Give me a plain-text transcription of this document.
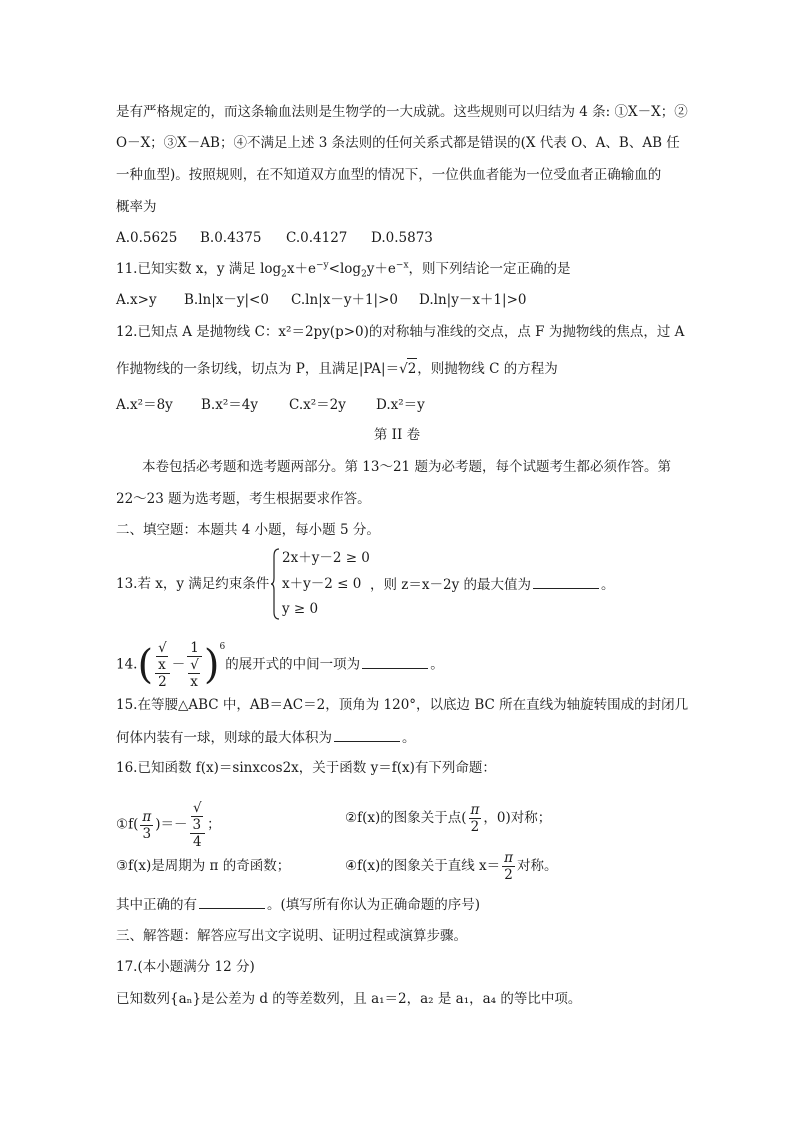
是有严格规定的，而这条输血法则是生物学的一大成就。这些规则可以归结为 4 条: ①X－X；②
O－X；③X－AB；④不满足上述 3 条法则的任何关系式都是错误的(X 代表 O、A、B、AB 任
一种血型)。按照规则，在不知道双方血型的情况下，一位供血者能为一位受血者正确输血的
概率为
A.0.5625 B.0.4375 C.0.4127 D.0.5873
11.已知实数 x，y 满足 $\log_2x+e^{-y}<\log_2y+e^{-x}$，则下列结论一定正确的是
A.x>y B.ln|x－y|<0 C.ln|x－y＋1|>0 D.ln|y－x＋1|>0
12.已知点 A 是抛物线 C：x²＝2py(p>0)的对称轴与准线的交点，点 F 为抛物线的焦点，过 A
作抛物线的一条切线，切点为 P，且满足|PA|＝√2，则抛物线 C 的方程为
A.x²＝8y B.x²＝4y C.x²＝2y D.x²＝y
第 II 卷
本卷包括必考题和选考题两部分。第 13～21 题为必考题，每个试题考生都必须作答。第
22～23 题为选考题，考生根据要求作答。
二、填空题：本题共 4 小题，每小题 5 分。
13.若 x，y 满足约束条件
2x＋y－2 ≥ 0
x＋y－2 ≤ 0 ，则 z＝x－2y 的最大值为	。
y ≥ 0
14.( √
x
2 － 1
√
x )$^6$的展开式的中间一项为	。
15.在等腰△ABC 中，AB＝AC＝2，顶角为 120°，以底边 BC 所在直线为轴旋转围成的封闭几
何体内装有一球，则球的最大体积为	。
16.已知函数 f(x)＝sinxcos2x，关于函数 y＝f(x)有下列命题：
①f( $\frac{\pi}{3}$ )＝－ √
3
4 ；	②f(x)的图象关于点( $\frac{\pi}{2}$ ，0)对称；
③f(x)是周期为 π 的奇函数；	④f(x)的图象关于直线 $x= \frac{\pi}{2}$ 对称。
其中正确的有	。(填写所有你认为正确命题的序号)
三、解答题：解答应写出文字说明、证明过程或演算步骤。
17.(本小题满分 12 分)
已知数列{aₙ}是公差为 d 的等差数列，且 a₁＝2，a₂ 是 a₁，a₄ 的等比中项。
